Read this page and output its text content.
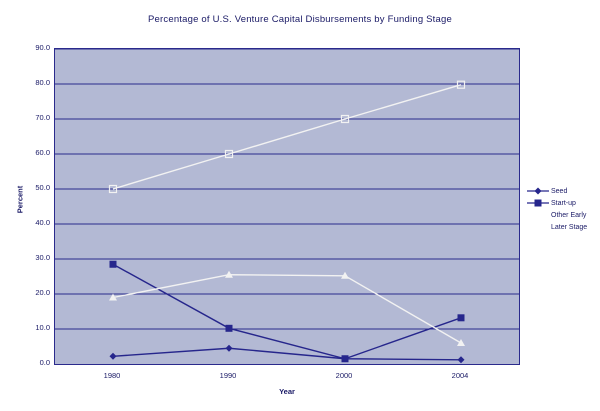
Percentage of U.S. Venture Capital Disbursements by Funding Stage
0.0
10.0
20.0
30.0
40.0
50.0
60.0
70.0
80.0
90.0
1980	1990	2000	2004
Percent
Year
Seed
Start-up
Other Early
Later Stage
